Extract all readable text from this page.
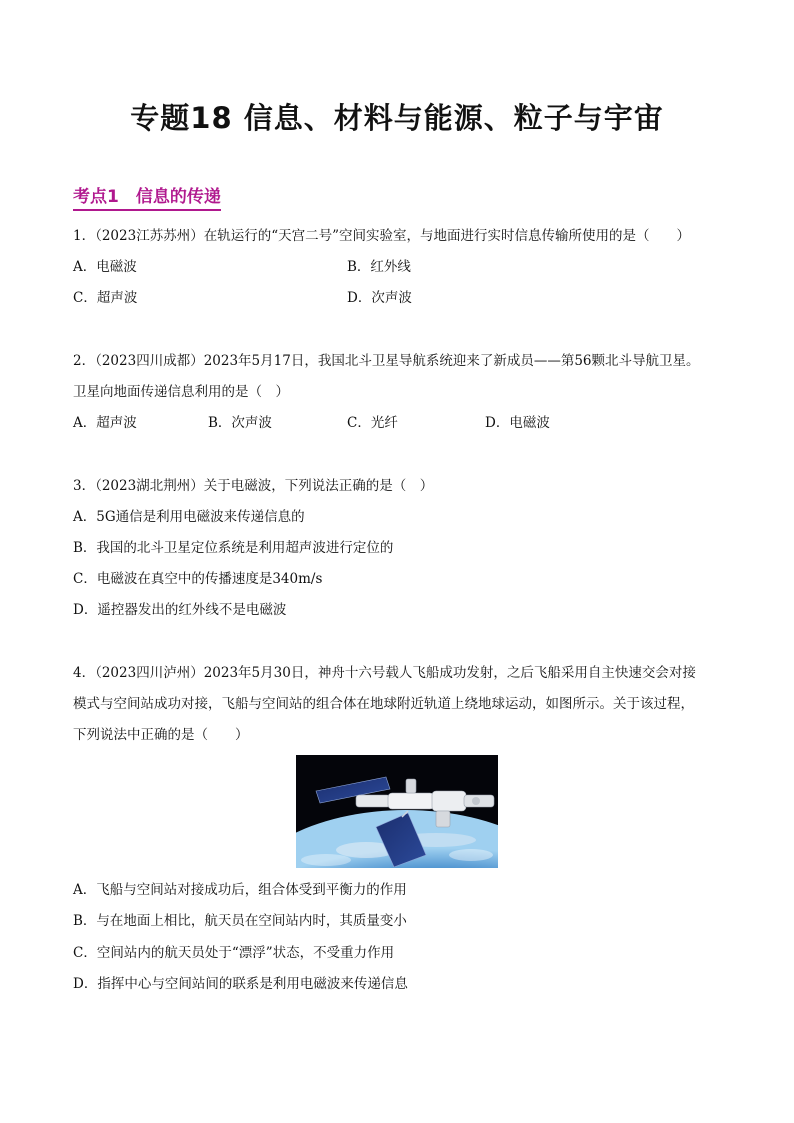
专题18 信息、材料与能源、粒子与宇宙
考点1　信息的传递
1．（2023江苏苏州）在轨运行的“天宫二号”空间实验室，与地面进行实时信息传输所使用的是（　　）
A．电磁波	B．红外线
C．超声波	D．次声波
2．（2023四川成都）2023年5月17日，我国北斗卫星导航系统迎来了新成员——第56颗北斗导航卫星。
卫星向地面传递信息利用的是（　）
A．超声波	B．次声波	C．光纤	D．电磁波
3．（2023湖北荆州）关于电磁波，下列说法正确的是（　）
A．5G通信是利用电磁波来传递信息的
B．我国的北斗卫星定位系统是利用超声波进行定位的
C．电磁波在真空中的传播速度是340m/s
D．遥控器发出的红外线不是电磁波
4．（2023四川泸州）2023年5月30日，神舟十六号载人飞船成功发射，之后飞船采用自主快速交会对接
模式与空间站成功对接，飞船与空间站的组合体在地球附近轨道上绕地球运动，如图所示。关于该过程，
下列说法中正确的是（　　）
A．飞船与空间站对接成功后，组合体受到平衡力的作用
B．与在地面上相比，航天员在空间站内时，其质量变小
C．空间站内的航天员处于“漂浮”状态，不受重力作用
D．指挥中心与空间站间的联系是利用电磁波来传递信息
